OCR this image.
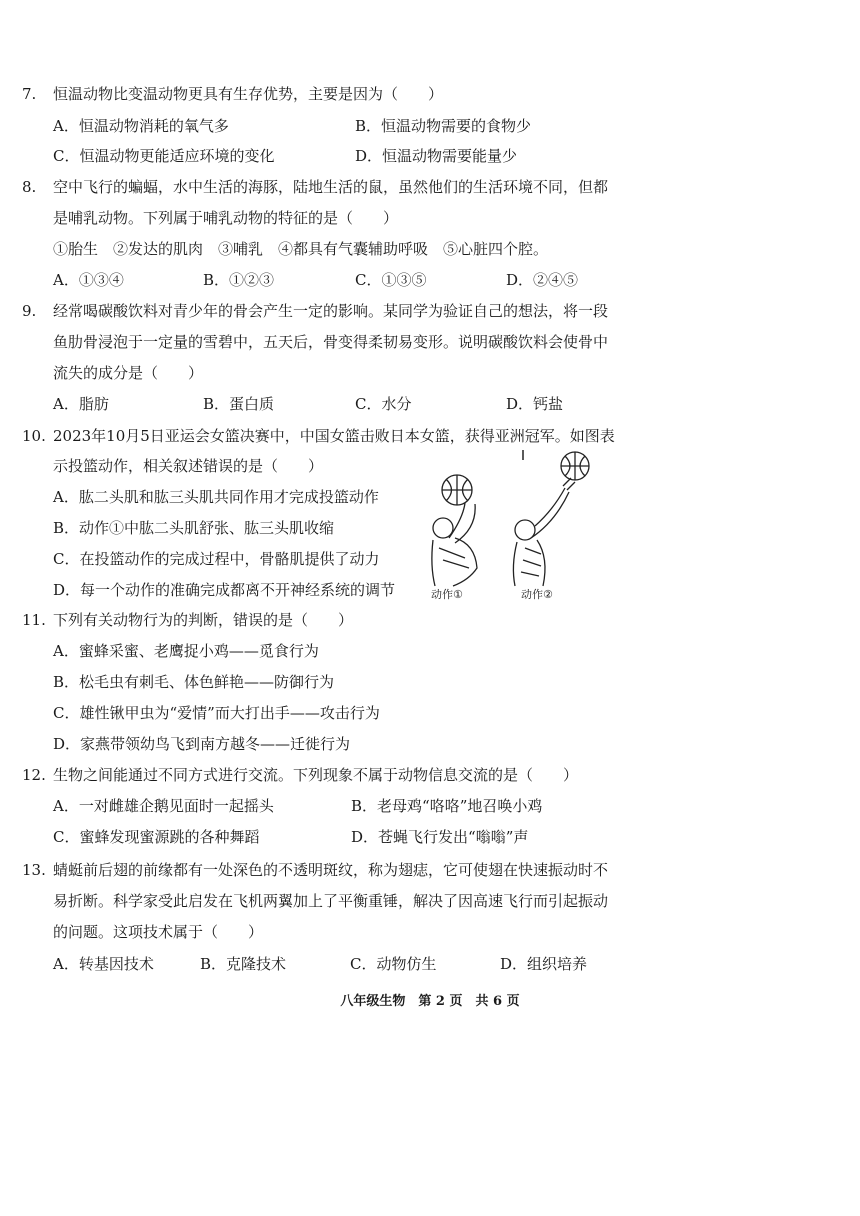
7. 恒温动物比变温动物更具有生存优势，主要是因为（　　）
A．恒温动物消耗的氧气多	B．恒温动物需要的食物少
C．恒温动物更能适应环境的变化	D．恒温动物需要能量少
8. 空中飞行的蝙蝠，水中生活的海豚，陆地生活的鼠，虽然他们的生活环境不同，但都
是哺乳动物。下列属于哺乳动物的特征的是（　　）
①胎生　②发达的肌肉　③哺乳　④都具有气囊辅助呼吸　⑤心脏四个腔。
A．①③④	B．①②③	C．①③⑤	D．②④⑤
9. 经常喝碳酸饮料对青少年的骨会产生一定的影响。某同学为验证自己的想法，将一段
鱼肋骨浸泡于一定量的雪碧中，五天后，骨变得柔韧易变形。说明碳酸饮料会使骨中
流失的成分是（　　）
A．脂肪	B．蛋白质	C．水分	D．钙盐
10. 2023年10月5日亚运会女篮决赛中，中国女篮击败日本女篮，获得亚洲冠军。如图表
示投篮动作，相关叙述错误的是（　　）
A．肱二头肌和肱三头肌共同作用才完成投篮动作
B．动作①中肱二头肌舒张、肱三头肌收缩
C．在投篮动作的完成过程中，骨骼肌提供了动力
D．每一个动作的准确完成都离不开神经系统的调节	动作①	动作②
11. 下列有关动物行为的判断，错误的是（　　）
A．蜜蜂采蜜、老鹰捉小鸡——觅食行为
B．松毛虫有刺毛、体色鲜艳——防御行为
C．雄性锹甲虫为“爱情”而大打出手——攻击行为
D．家燕带领幼鸟飞到南方越冬——迁徙行为
12. 生物之间能通过不同方式进行交流。下列现象不属于动物信息交流的是（　　）
A．一对雌雄企鹅见面时一起摇头	B．老母鸡“咯咯”地召唤小鸡
C．蜜蜂发现蜜源跳的各种舞蹈	D．苍蝇飞行发出“嗡嗡”声
13. 蜻蜓前后翅的前缘都有一处深色的不透明斑纹，称为翅痣，它可使翅在快速振动时不
易折断。科学家受此启发在飞机两翼加上了平衡重锤，解决了因高速飞行而引起振动
的问题。这项技术属于（　　）
A．转基因技术	B．克隆技术	C．动物仿生	D．组织培养
八年级生物　第 2 页　共 6 页
